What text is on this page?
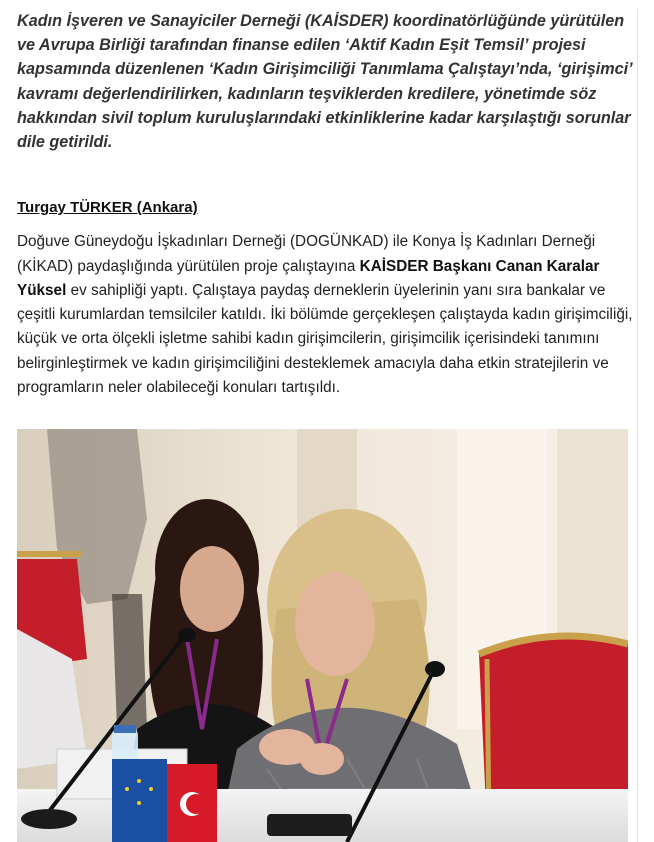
Kadın İşveren ve Sanayiciler Derneği (KAİSDER) koordinatörlüğünde yürütülen ve Avrupa Birliği tarafından finanse edilen ‘Aktif Kadın Eşit Temsil’ projesi kapsamında düzenlenen ‘Kadın Girişimciliği Tanımlama Çalıştayı’nda, ‘girişimci’ kavramı değerlendirilirken, kadınların teşviklerden kredilere, yönetimde söz hakkından sivil toplum kuruluşlarındaki etkinliklerine kadar karşılaştığı sorunlar dile getirildi.

Turgay TÜRKER (Ankara)
Doğuve Güneydoğu İşkadınları Derneği (DOGÜNKAD) ile Konya İş Kadınları Derneği (KİKAD) paydaşlığında yürütülen proje çalıştayına KAİSDER Başkanı Canan Karalar Yüksel ev sahipliği yaptı. Çalıştaya paydaş derneklerin üyelerinin yanı sıra bankalar ve çeşitli kurumlardan temsilciler katıldı. İki bölümde gerçekleşen çalıştayda kadın girişimciliği, küçük ve orta ölçekli işletme sahibi kadın girişimcilerin, girişimcilik içerisindeki tanımını belirginleştirmek ve kadın girişimciliğini desteklemek amacıyla daha etkin stratejilerin ve programların neler olabileceği konuları tartışıldı.
